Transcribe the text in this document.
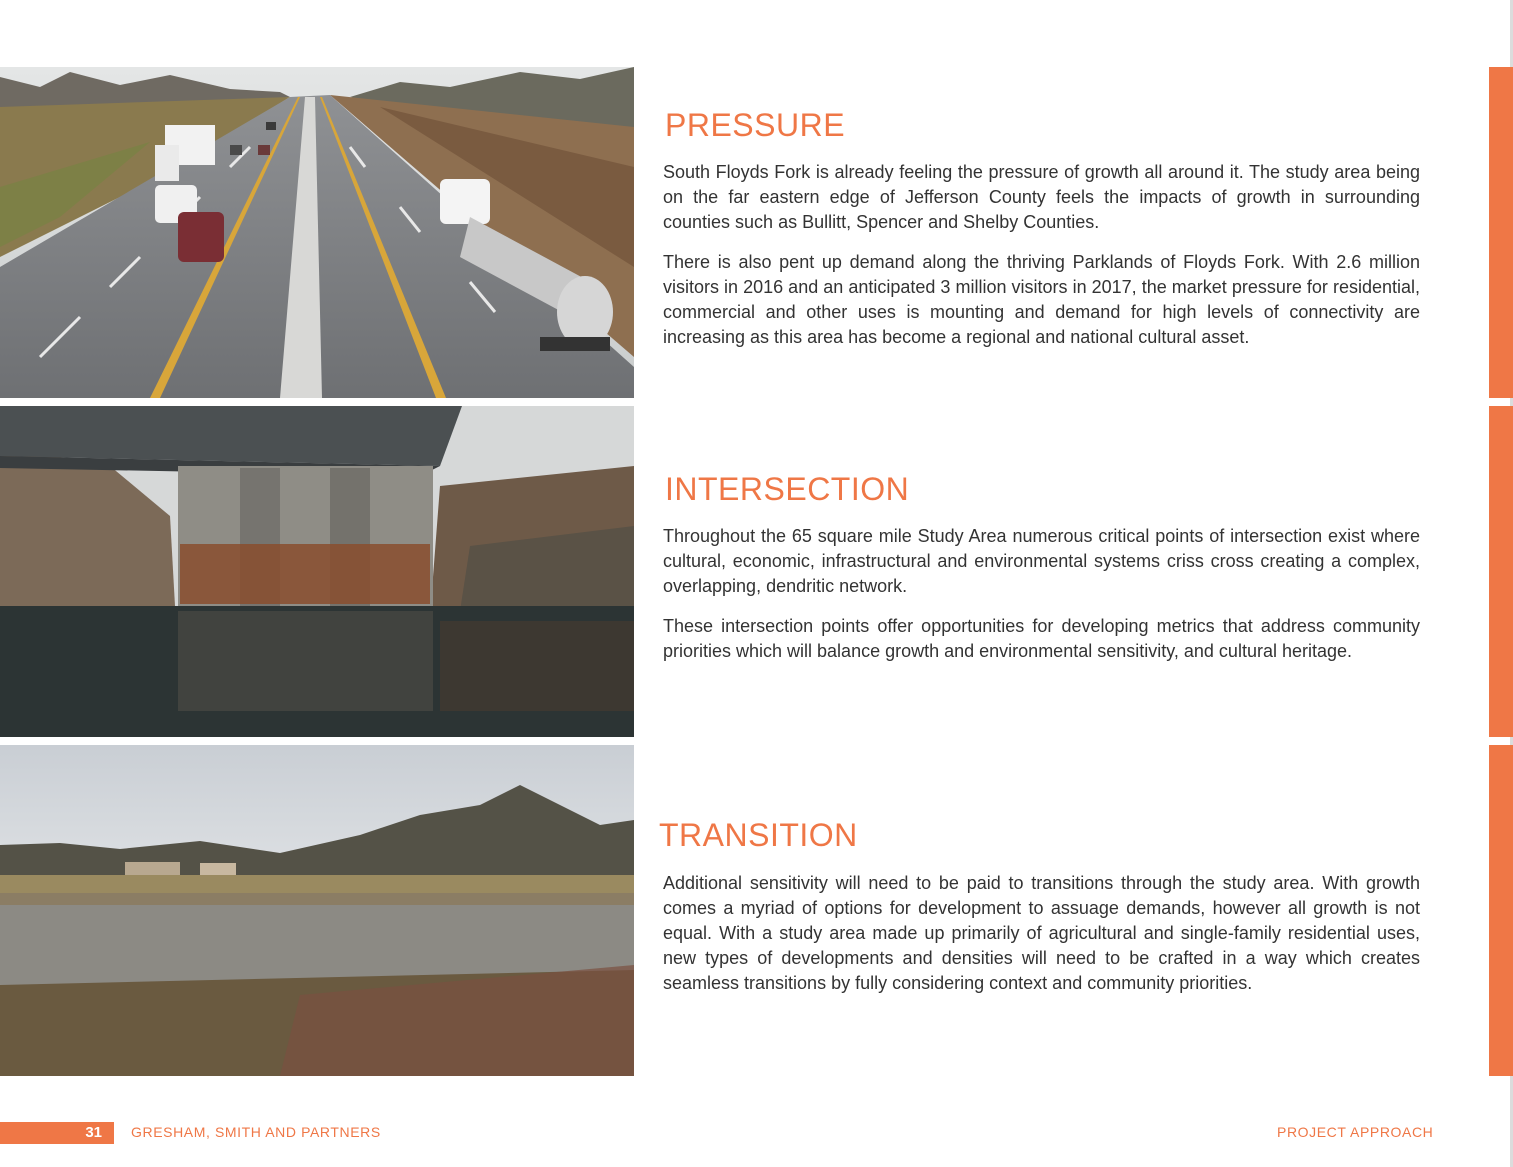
PRESSURE

South Floyds Fork is already feeling the pressure of growth all around it. The study area being on the far eastern edge of Jefferson County feels the impacts of growth in surrounding counties such as Bullitt, Spencer and Shelby Counties.

There is also pent up demand along the thriving Parklands of Floyds Fork. With 2.6 million visitors in 2016 and an anticipated 3 million visitors in 2017, the market pressure for residential, commercial and other uses is mounting and demand for high levels of connectivity are increasing as this area has become a regional and national cultural asset.

INTERSECTION

Throughout the 65 square mile Study Area numerous critical points of intersection exist where cultural, economic, infrastructural and environmental systems criss cross creating a complex, overlapping, dendritic network.

These intersection points offer opportunities for developing metrics that address community priorities which will balance growth and environmental sensitivity, and cultural heritage.

TRANSITION

Additional sensitivity will need to be paid to transitions through the study area. With growth comes a myriad of options for development to assuage demands, however all growth is not equal. With a study area made up primarily of agricultural and single-family residential uses, new types of developments and densities will need to be crafted in a way which creates seamless transitions by fully considering context and community priorities.

31 GRESHAM, SMITH AND PARTNERS	PROJECT APPROACH
